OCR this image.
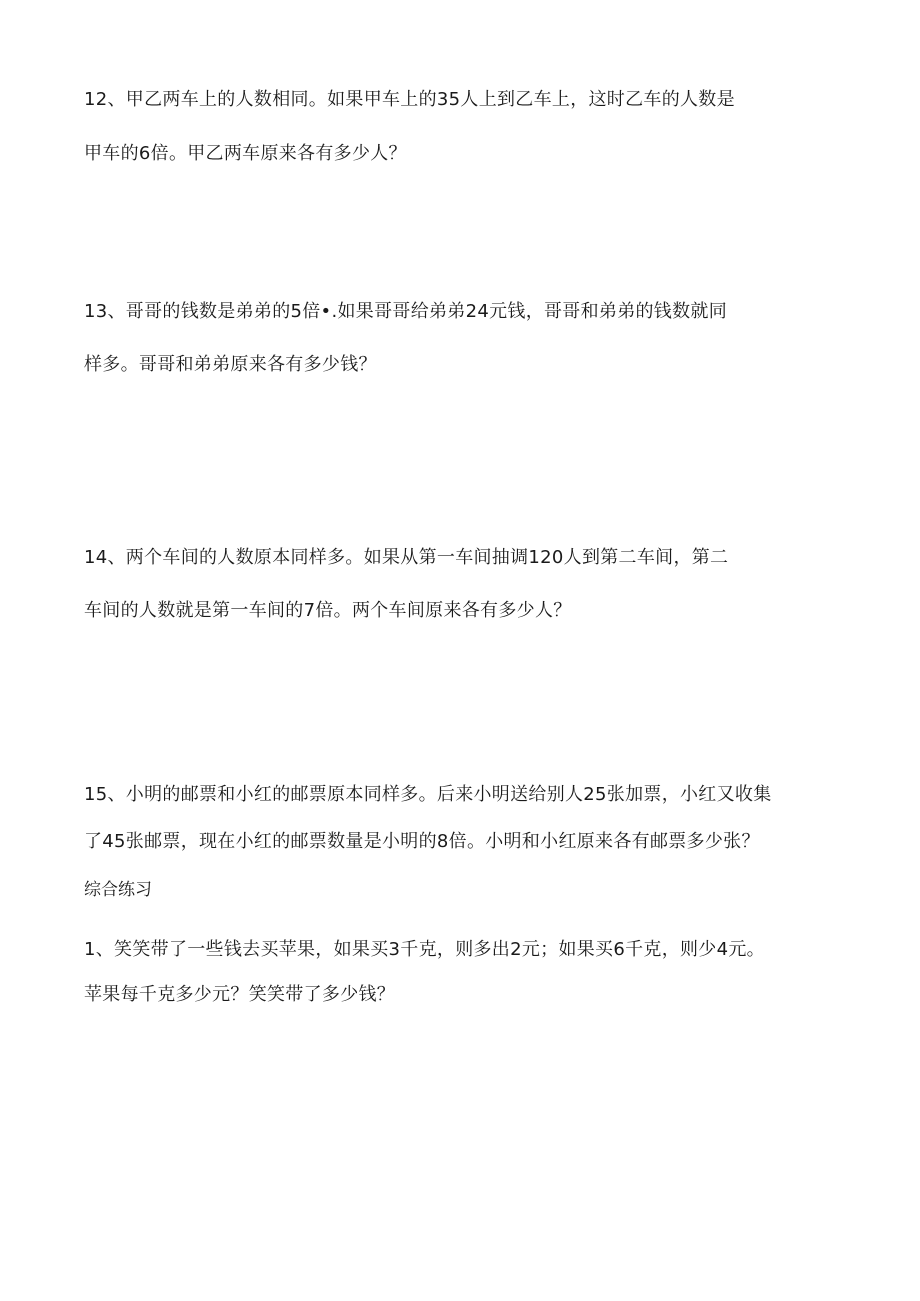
12、甲乙两车上的人数相同。如果甲车上的35人上到乙车上，这时乙车的人数是
甲车的6倍。甲乙两车原来各有多少人？
13、哥哥的钱数是弟弟的5倍•.如果哥哥给弟弟24元钱，哥哥和弟弟的钱数就同
样多。哥哥和弟弟原来各有多少钱？
14、两个车间的人数原本同样多。如果从第一车间抽调120人到第二车间，第二
车间的人数就是第一车间的7倍。两个车间原来各有多少人？
15、小明的邮票和小红的邮票原本同样多。后来小明送给别人25张加票，小红又收集
了45张邮票，现在小红的邮票数量是小明的8倍。小明和小红原来各有邮票多少张？
综合练习
1、笑笑带了一些钱去买苹果，如果买3千克，则多出2元；如果买6千克，则少4元。
苹果每千克多少元？笑笑带了多少钱？
